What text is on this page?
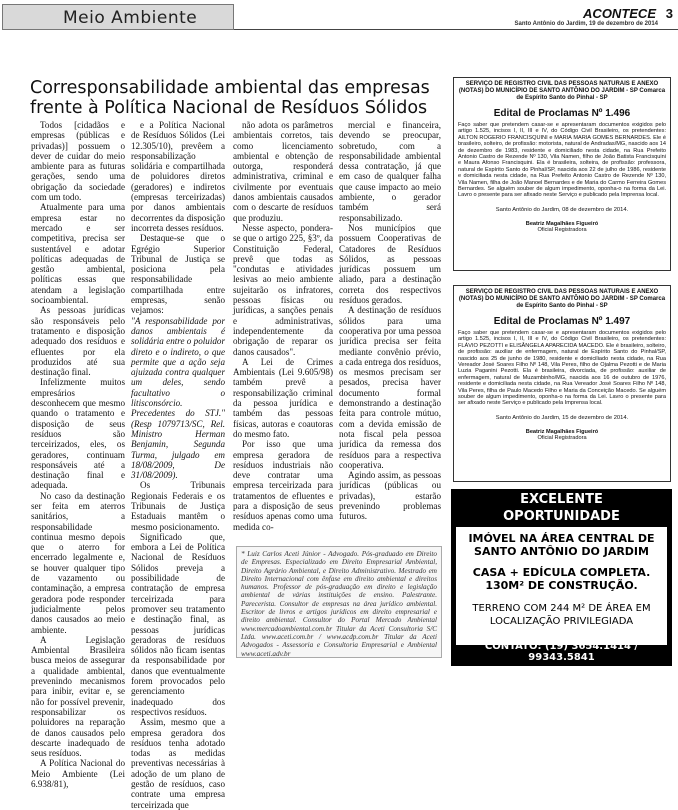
Meio Ambiente	ACONTECE 3
Santo Antônio do Jardim, 19 de dezembro de 2014
Corresponsabilidade ambiental das empresas frente à Política Nacional de Resíduos Sólidos

Todos [cidadãos e empresas (públicas e privadas)] possuem o dever de cuidar do meio ambiente para as futuras gerações, sendo uma obrigação da sociedade com um todo.

Atualmente para uma empresa estar no mercado e ser competitiva, precisa ser sustentável e adotar políticas adequadas de gestão ambiental, políticas essas que atendam a legislação socioambiental.

As pessoas jurídicas são responsáveis pelo tratamento e disposição adequado dos resíduos e efluentes por ela produzidos até sua destinação final.

Infelizmente muitos empresários desconhecem que mesmo quando o tratamento e disposição de seus resíduos são terceirizados, eles, os geradores, continuam responsáveis até a destinação final e adequada.

No caso da destinação ser feita em aterros sanitários, a responsabilidade continua mesmo depois que o aterro for encerrado legalmente e, se houver qualquer tipo de vazamento ou contaminação, a empresa geradora pode responder judicialmente pelos danos causados ao meio ambiente.

A Legislação Ambiental Brasileira busca meios de assegurar a qualidade ambiental, prevenindo mecanismos para inibir, evitar e, se não for possível prevenir, responsabilizar os poluidores na reparação de danos causados pelo descarte inadequado de seus resíduos.

A Política Nacional do Meio Ambiente (Lei 6.938/81),

e a Política Nacional de Resíduos Sólidos (Lei 12.305/10), prevêem a responsabilização solidária e compartilhada de poluidores diretos (geradores) e indiretos (empresas terceirizadas) por danos ambientais decorrentes da disposição incorreta desses resíduos.

Destaque-se que o Egrégio Superior Tribunal de Justiça se posiciona pela responsabilidade compartilhada entre empresas, senão vejamos:

"A responsabilidade por danos ambientais é solidária entre o poluidor direto e o indireto, o que permite que a ação seja ajuizada contra qualquer um deles, sendo facultativo o litisconsórcio. Precedentes do STJ." (Resp 1079713/SC, Rel. Ministro Herman Benjamin, Segunda Turma, julgado em 18/08/2009, De 31/08/2009).

Os Tribunais Regionais Federais e os Tribunais de Justiça Estaduais mantêm o mesmo posicionamento.

Significado que, embora a Lei de Política Nacional de Resíduos Sólidos preveja a possibilidade de contratação de empresa terceirizada para promover seu tratamento e destinação final, as pessoas jurídicas geradoras de resíduos sólidos não ficam isentas da responsabilidade por danos que eventualmente forem provocados pelo gerenciamento inadequado dos respectivos resíduos.

Assim, mesmo que a empresa geradora dos resíduos tenha adotado todas as medidas preventivas necessárias à adoção de um plano de gestão de resíduos, caso contrate uma empresa terceirizada que

não adota os parâmetros ambientais corretos, tais como licenciamento ambiental e obtenção de outorga, responderá administrativa, criminal e civilmente por eventuais danos ambientais causados com o descarte de resíduos que produziu.

Nesse aspecto, pondera-se que o artigo 225, §3º, da Constituição Federal, prevê que todas as "condutas e atividades lesivas ao meio ambiente sujeitarão os infratores, pessoas físicas ou jurídicas, a sanções penais e administrativas, independentemente da obrigação de reparar os danos causados".

A Lei de Crimes Ambientais (Lei 9.605/98) também prevê a responsabilização criminal da pessoa jurídica e também das pessoas físicas, autoras e coautoras do mesmo fato.

Por isso que uma empresa geradora de resíduos industriais não deve contratar uma empresa terceirizada para tratamentos de efluentes e para a disposição de seus resíduos apenas como uma medida co-

mercial e financeira, devendo se preocupar, sobretudo, com a responsabilidade ambiental dessa contratação, já que em caso de qualquer falha que cause impacto ao meio ambiente, o gerador também será responsabilizado.

Nos municípios que possuem Cooperativas de Catadores de Resíduos Sólidos, as pessoas jurídicas possuem um aliado, para a destinação correta dos respectivos resíduos gerados.

A destinação de resíduos sólidos para uma cooperativa por uma pessoa jurídica precisa ser feita mediante convênio prévio, a cada entrega dos resíduos, os mesmos precisam ser pesados, precisa haver documento formal demonstrando a destinação feita para controle mútuo, com a devida emissão de nota fiscal pela pessoa jurídica da remessa dos resíduos para a respectiva cooperativa.

Agindo assim, as pessoas jurídicas (públicas ou privadas), estarão prevenindo problemas futuros.

* Luiz Carlos Aceti Júnior - Advogado. Pós-graduado em Direito de Empresas. Especializado em Direito Empresarial Ambiental, Direito Agrário Ambiental, e Direito Administrativo. Mestrado em Direito Internacional com ênfase em direito ambiental e direitos humanos. Professor de pós-graduação em direito e legislação ambiental de várias instituições de ensino. Palestrante. Parecerista. Consultor de empresas na área jurídico ambiental. Escritor de livros e artigos jurídicos em direito empresarial e direito ambiental. Consultor do Portal Mercado Ambiental www.mercadoambiental.com.br Titular da Aceti Consultoria S/C Ltda. www.aceti.com.br / www.acdp.com.br Titular da Aceti Advogados - Assessoria e Consultoria Empresarial e Ambiental www.aceti.adv.br
SERVIÇO DE REGISTRO CIVIL DAS PESSOAS NATURAIS E ANEXO (NOTAS) DO MUNICÍPIO DE SANTO ANTÔNIO DO JARDIM - SP Comarca de Espírito Santo do Pinhal - SP
Edital de Proclamas Nº 1.496
Faço saber que pretendem casar-se e apresentaram documentos exigidos pelo artigo 1.525, incisos I, II, III e IV, do Código Civil Brasileiro, os pretendentes: AILTON ROGERIO FRANCISQUINI e MARIA MARIA GOMES BERNARDES. Ele é brasileiro, solteiro, de profissão: motorista, natural de Andradas/MG, nascido aos 14 de dezembro de 1983, residente e domiciliado nesta cidade, na Rua Prefeito Antonio Castro de Rezende Nº 130, Vila Namen, filho de João Batista Francisquini e Maura Afonso Francisquini. Ela é brasileira, solteira, de profissão: professora, natural de Espírito Santo do Pinhal/SP, nascida aos 22 de julho de 1986, residente e domiciliada nesta cidade, na Rua Prefeito Antonio Castro de Rezende Nº 130, Vila Namen, filha de João Manoel Bernardes e de Maria do Carmo Ferreira Gomes Bernardes. Se alguém souber de algum impedimento, oponha-o na forma da Lei. Lavro o presente para ser afixado neste Serviço e publicado pela Imprensa local.
Santo Antônio do Jardim, 08 de dezembro de 2014.
Beatriz Magalhães Figueiró
Oficial Registradora
SERVIÇO DE REGISTRO CIVIL DAS PESSOAS NATURAIS E ANEXO (NOTAS) DO MUNICÍPIO DE SANTO ANTÔNIO DO JARDIM - SP Comarca de Espírito Santo do Pinhal - SP
Edital de Proclamas Nº 1.497
Faço saber que pretendem casar-se e apresentaram documentos exigidos pelo artigo 1.525, incisos I, II, III e IV, do Código Civil Brasileiro, os pretendentes: FLÁVIO PEZOTTI e ELISÂNGELA APARECIDA MACEDO. Ele é brasileiro, solteiro, de profissão: auxiliar de enfermagem, natural de Espírito Santo do Pinhal/SP, nascido aos 25 de junho de 1980, residente e domiciliado nesta cidade, na Rua Vereador José Soares Filho Nº 148, Vila Peres, filho de Ojalma Pezotti e de Maria Luzia Paganini Pezotti. Ela é brasileira, divorciada, de profissão: auxiliar de enfermagem, natural de Muzambinho/MG, nascida aos 16 de outubro de 1976, residente e domiciliada nesta cidade, na Rua Vereador José Soares Filho Nº 148, Vila Peres, filha de Paulo Macedo Filho e Maria da Conceição Macedo. Se alguém souber de algum impedimento, oponha-o na forma da Lei. Lavro o presente para ser afixado neste Serviço e publicado pela Imprensa local.
Santo Antônio do Jardim, 15 de dezembro de 2014.
Beatriz Magalhães Figueiró
Oficial Registradora
EXCELENTE
OPORTUNIDADE
IMÓVEL NA ÁREA CENTRAL DE SANTO ANTÔNIO DO JARDIM
CASA + EDÍCULA COMPLETA. 130M² DE CONSTRUÇÃO.
TERRENO COM 244 M² DE ÁREA EM LOCALIZAÇÃO PRIVILEGIADA
CONTATO: (19) 3654.1414 / 99343.5841
